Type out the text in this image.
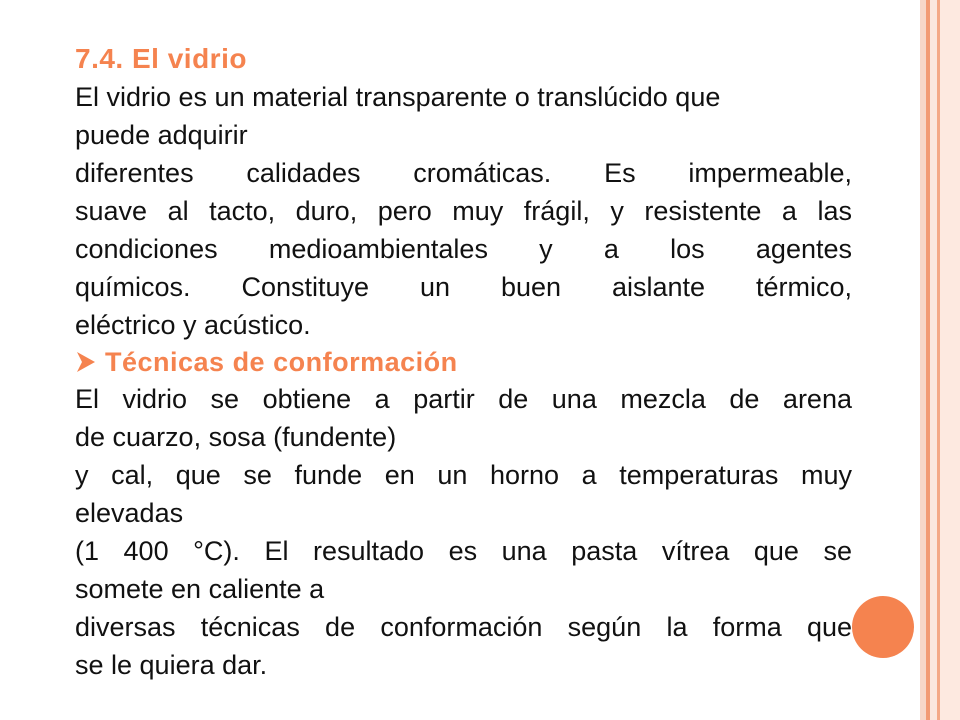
7.4. El vidrio

El vidrio es un material transparente o translúcido que
puede adquirir

diferentes calidades cromáticas. Es impermeable,
suave al tacto, duro, pero muy frágil, y resistente a las
condiciones medioambientales y a los agentes
químicos. Constituye un buen aislante térmico,
eléctrico y acústico.

Técnicas de conformación

El vidrio se obtiene a partir de una mezcla de arena
de cuarzo, sosa (fundente)
y cal, que se funde en un horno a temperaturas muy
elevadas
(1 400 °C). El resultado es una pasta vítrea que se
somete en caliente a
diversas técnicas de conformación según la forma que
se le quiera dar.
